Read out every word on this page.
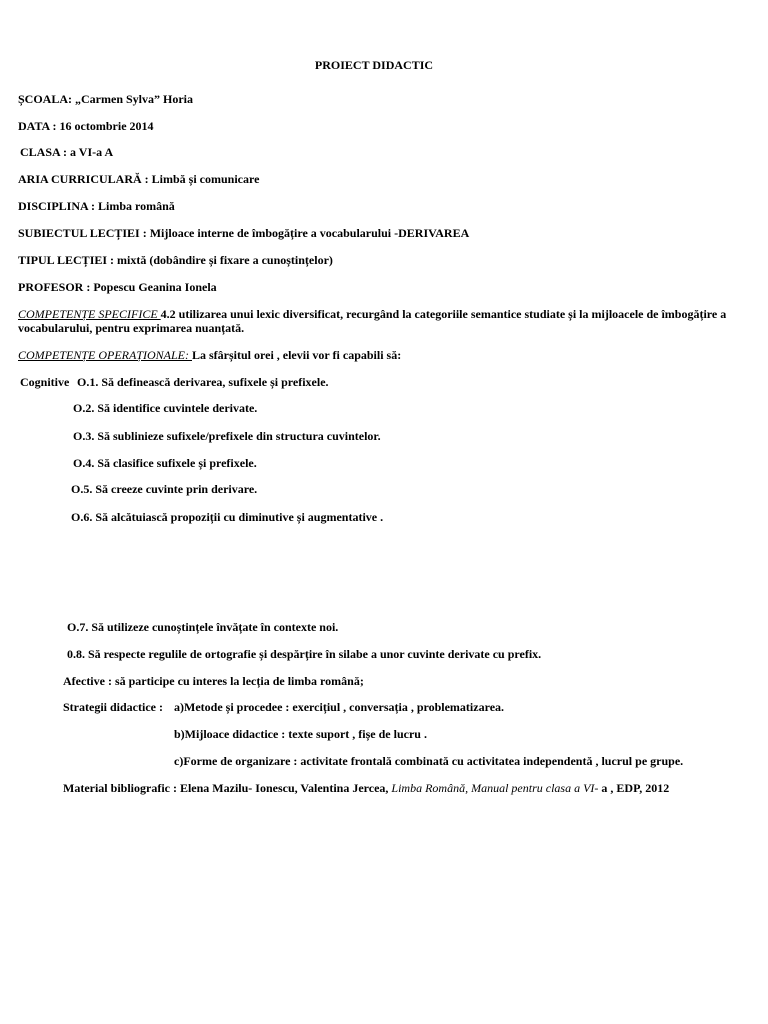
PROIECT DIDACTIC
ȘCOALA: „Carmen Sylva” Horia
DATA : 16 octombrie 2014
CLASA : a VI-a A
ARIA CURRICULARĂ : Limbă și comunicare
DISCIPLINA : Limba română
SUBIECTUL LECȚIEI : Mijloace interne de îmbogățire a vocabularului -DERIVAREA
TIPUL LECȚIEI : mixtă (dobândire și fixare a cunoștințelor)
PROFESOR : Popescu Geanina Ionela
COMPETENȚE SPECIFICE 4.2 utilizarea unui lexic diversificat, recurgând la categoriile semantice studiate și la mijloacele de îmbogățire a vocabularului, pentru exprimarea nuanțată.
COMPETENȚE OPERAȚIONALE: La sfârșitul orei , elevii vor fi capabili să:
Cognitive O.1. Să definească derivarea, sufixele și prefixele.
O.2. Să identifice cuvintele derivate.
O.3. Să sublinieze sufixele/prefixele din structura cuvintelor.
O.4. Să clasifice sufixele și prefixele.
O.5. Să creeze cuvinte prin derivare.
O.6. Să alcătuiască propoziții cu diminutive și augmentative .
O.7. Să utilizeze cunoștințele învățate în contexte noi.
0.8. Să respecte regulile de ortografie și despărțire în silabe a unor cuvinte derivate cu prefix.
Afective : să participe cu interes la lecția de limba română;
Strategii didactice : a)Metode și procedee : exercițiul , conversația , problematizarea.
b)Mijloace didactice : texte suport , fișe de lucru .
c)Forme de organizare : activitate frontală combinată cu activitatea independentă , lucrul pe grupe.
Material bibliografic : Elena Mazilu- Ionescu, Valentina Jercea, Limba Română, Manual pentru clasa a VI- a , EDP, 2012
